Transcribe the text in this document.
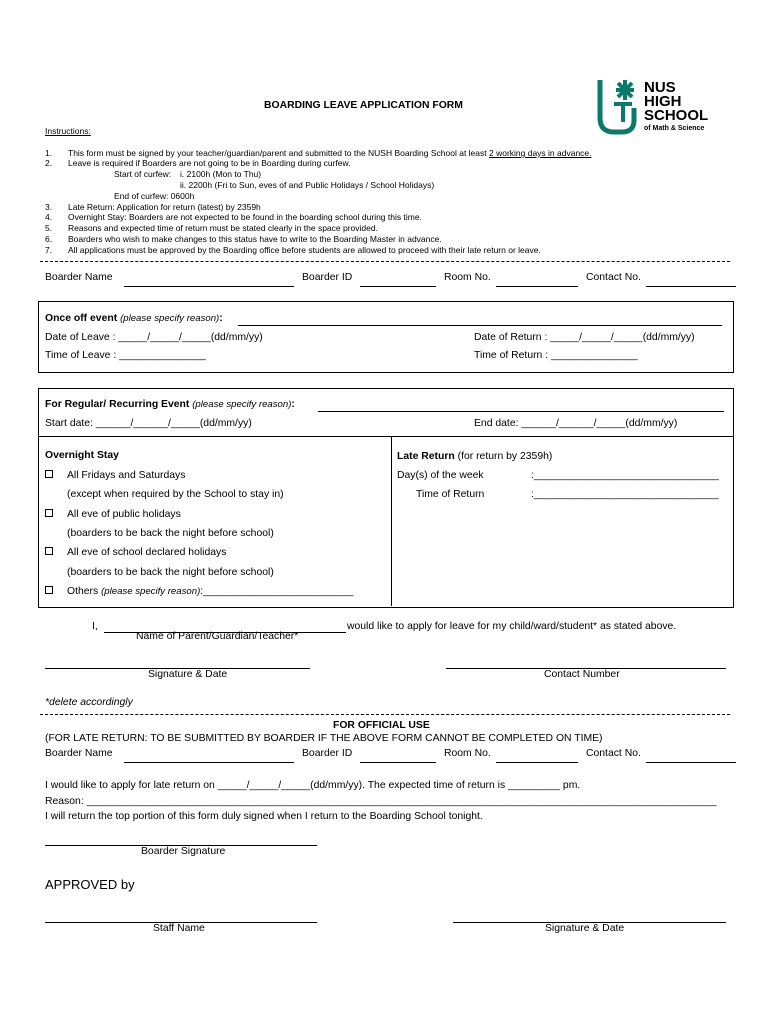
NUS
HIGH
SCHOOL
of Math & Science
BOARDING LEAVE APPLICATION FORM
Instructions:
1. This form must be signed by your teacher/guardian/parent and submitted to the NUSH Boarding School at least 2 working days in advance.
2. Leave is required if Boarders are not going to be in Boarding during curfew.
Start of curfew: i. 2100h (Mon to Thu)
ii. 2200h (Fri to Sun, eves of and Public Holidays / School Holidays)
End of curfew: 0600h
3. Late Return: Application for return (latest) by 2359h
4. Overnight Stay: Boarders are not expected to be found in the boarding school during this time.
5. Reasons and expected time of return must be stated clearly in the space provided.
6. Boarders who wish to make changes to this status have to write to the Boarding Master in advance.
7. All applications must be approved by the Boarding office before students are allowed to proceed with their late return or leave.
Boarder Name	Boarder ID	Room No.	Contact No.
Once off event (please specify reason):
Date of Leave : _____/_____/_____(dd/mm/yy)	Date of Return : _____/_____/_____(dd/mm/yy)
Time of Leave : _______________	Time of Return : _______________
For Regular/ Recurring Event (please specify reason):
Start date: ______/______/_____(dd/mm/yy)	End date: ______/______/_____(dd/mm/yy)
Overnight Stay
All Fridays and Saturdays
(except when required by the School to stay in)
All eve of public holidays
(boarders to be back the night before school)
All eve of school declared holidays
(boarders to be back the night before school)
Others (please specify reason):__________________________
Late Return (for return by 2359h)
Day(s) of the week	:________________________________
Time of Return	:________________________________
I,	would like to apply for leave for my child/ward/student* as stated above.
Name of Parent/Guardian/Teacher*
Signature & Date	Contact Number
*delete accordingly
FOR OFFICIAL USE
(FOR LATE RETURN: TO BE SUBMITTED BY BOARDER IF THE ABOVE FORM CANNOT BE COMPLETED ON TIME)
Boarder Name	Boarder ID	Room No.	Contact No.
I would like to apply for late return on _____/_____/_____(dd/mm/yy). The expected time of return is _________ pm.
Reason: _____________________________________________________________________________________________________________
I will return the top portion of this form duly signed when I return to the Boarding School tonight.
Boarder Signature
APPROVED by
Staff Name	Signature & Date
